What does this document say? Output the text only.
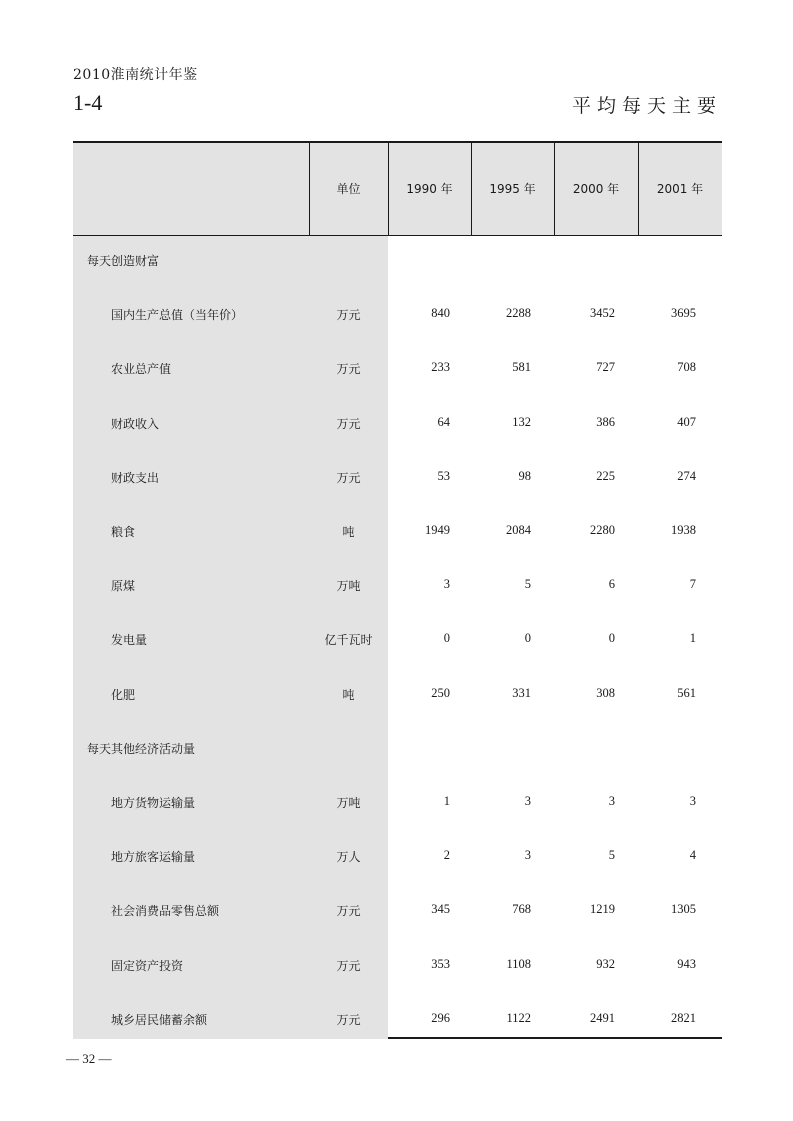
2010淮南统计年鉴
1-4	平均每天主要
单位	1990 年	1995 年	2000 年	2001 年
每天创造财富
国内生产总值（当年价）	万元	840	2288	3452	3695
农业总产值	万元	233	581	727	708
财政收入	万元	64	132	386	407
财政支出	万元	53	98	225	274
粮食	吨	1949	2084	2280	1938
原煤	万吨	3	5	6	7
发电量	亿千瓦时	0	0	0	1
化肥	吨	250	331	308	561
每天其他经济活动量
地方货物运输量	万吨	1	3	3	3
地方旅客运输量	万人	2	3	5	4
社会消费品零售总额	万元	345	768	1219	1305
固定资产投资	万元	353	1108	932	943
城乡居民储蓄余额	万元	296	1122	2491	2821
— 32 —
